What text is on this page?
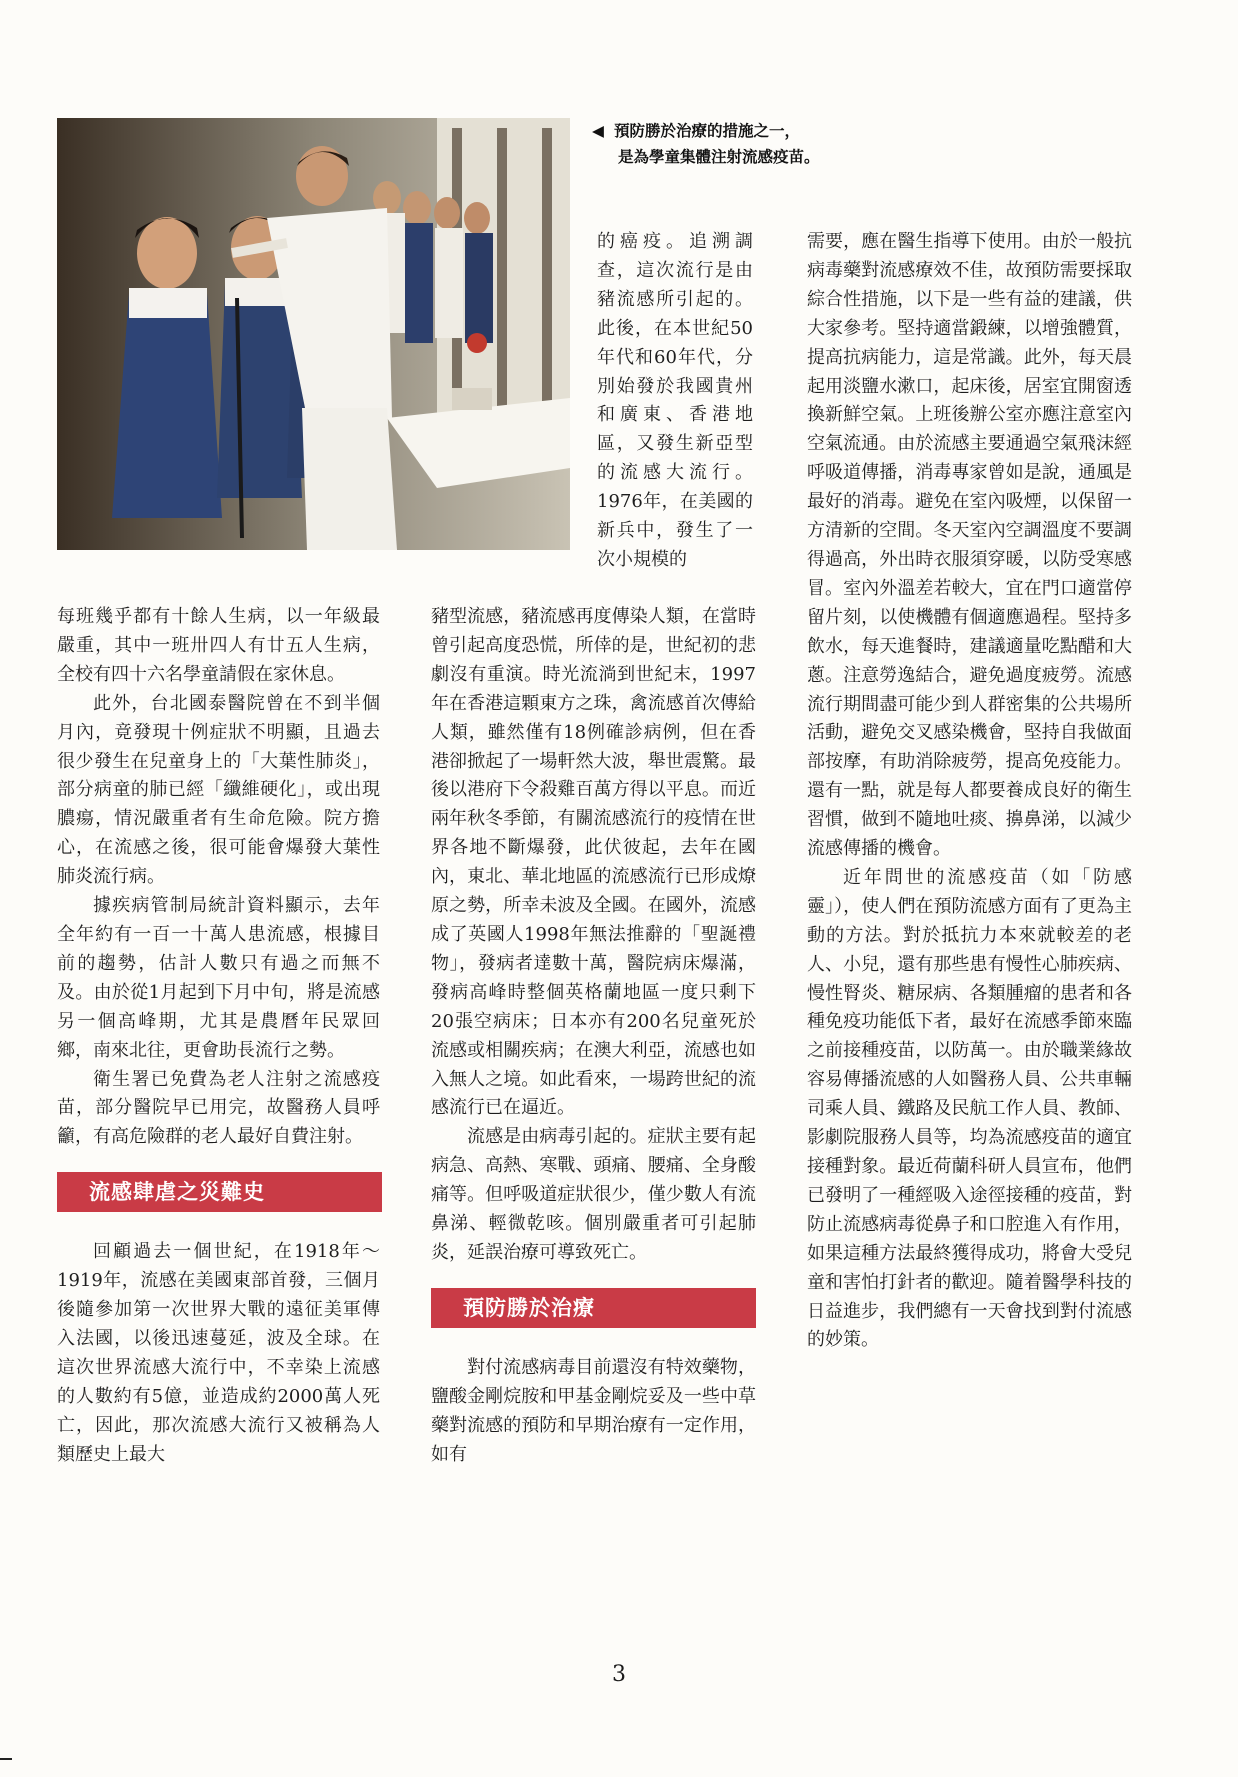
◀ 預防勝於治療的措施之一，
是為學童集體注射流感疫苗。

的癌疫。追溯調查，這次流行是由豬流感所引起的。此後，在本世紀50年代和60年代，分別始發於我國貴州和廣東、香港地區，又發生新亞型的流感大流行。1976年，在美國的新兵中，發生了一次小規模的

需要，應在醫生指導下使用。由於一般抗病毒藥對流感療效不佳，故預防需要採取綜合性措施，以下是一些有益的建議，供大家參考。堅持適當鍛練，以增強體質，提高抗病能力，這是常識。此外，每天晨起用淡鹽水漱口，起床後，居室宜開窗透換新鮮空氣。上班後辦公室亦應注意室內空氣流通。由於流感主要通過空氣飛沫經呼吸道傳播，消毒專家曾如是說，通風是最好的消毒。避免在室內吸煙，以保留一方清新的空間。冬天室內空調溫度不要調得過高，外出時衣服須穿暖，以防受寒感冒。室內外溫差若較大，宜在門口適當停留片刻，以使機體有個適應過程。堅持多飲水，每天進餐時，建議適量吃點醋和大蔥。注意勞逸結合，避免過度疲勞。流感流行期間盡可能少到人群密集的公共場所活動，避免交叉感染機會，堅持自我做面部按摩，有助消除疲勞，提高免疫能力。還有一點，就是每人都要養成良好的衛生習慣，做到不隨地吐痰、擤鼻涕，以減少流感傳播的機會。

近年問世的流感疫苗（如「防感靈」），使人們在預防流感方面有了更為主動的方法。對於抵抗力本來就較差的老人、小兒，還有那些患有慢性心肺疾病、慢性腎炎、糖尿病、各類腫瘤的患者和各種免疫功能低下者，最好在流感季節來臨之前接種疫苗，以防萬一。由於職業緣故容易傳播流感的人如醫務人員、公共車輛司乘人員、鐵路及民航工作人員、教師、影劇院服務人員等，均為流感疫苗的適宜接種對象。最近荷蘭科研人員宣布，他們已發明了一種經吸入途徑接種的疫苗，對防止流感病毒從鼻子和口腔進入有作用，如果這種方法最終獲得成功，將會大受兒童和害怕打針者的歡迎。隨着醫學科技的日益進步，我們總有一天會找到對付流感的妙策。

每班幾乎都有十餘人生病，以一年級最嚴重，其中一班卅四人有廿五人生病，全校有四十六名學童請假在家休息。

此外，台北國泰醫院曾在不到半個月內，竟發現十例症狀不明顯，且過去很少發生在兒童身上的「大葉性肺炎」，部分病童的肺已經「纖維硬化」，或出現膿瘍，情況嚴重者有生命危險。院方擔心，在流感之後，很可能會爆發大葉性肺炎流行病。

據疾病管制局統計資料顯示，去年全年約有一百一十萬人患流感，根據目前的趨勢，估計人數只有過之而無不及。由於從1月起到下月中旬，將是流感另一個高峰期，尤其是農曆年民眾回鄉，南來北往，更會助長流行之勢。

衛生署已免費為老人注射之流感疫苗，部分醫院早已用完，故醫務人員呼籲，有高危險群的老人最好自費注射。

流感肆虐之災難史

回顧過去一個世紀，在1918年～1919年，流感在美國東部首發，三個月後隨參加第一次世界大戰的遠征美軍傳入法國，以後迅速蔓延，波及全球。在這次世界流感大流行中，不幸染上流感的人數約有5億，並造成約2000萬人死亡，因此，那次流感大流行又被稱為人類歷史上最大

豬型流感，豬流感再度傳染人類，在當時曾引起高度恐慌，所倖的是，世紀初的悲劇沒有重演。時光流淌到世紀末，1997年在香港這顆東方之珠，禽流感首次傳給人類，雖然僅有18例確診病例，但在香港卻掀起了一場軒然大波，舉世震驚。最後以港府下令殺雞百萬方得以平息。而近兩年秋冬季節，有關流感流行的疫情在世界各地不斷爆發，此伏彼起，去年在國內，東北、華北地區的流感流行已形成燎原之勢，所幸未波及全國。在國外，流感成了英國人1998年無法推辭的「聖誕禮物」，發病者達數十萬，醫院病床爆滿，發病高峰時整個英格蘭地區一度只剩下20張空病床；日本亦有200名兒童死於流感或相關疾病；在澳大利亞，流感也如入無人之境。如此看來，一場跨世紀的流感流行已在逼近。

流感是由病毒引起的。症狀主要有起病急、高熱、寒戰、頭痛、腰痛、全身酸痛等。但呼吸道症狀很少，僅少數人有流鼻涕、輕微乾咳。個別嚴重者可引起肺炎，延誤治療可導致死亡。

預防勝於治療

對付流感病毒目前還沒有特效藥物，鹽酸金剛烷胺和甲基金剛烷妥及一些中草藥對流感的預防和早期治療有一定作用，如有

3
